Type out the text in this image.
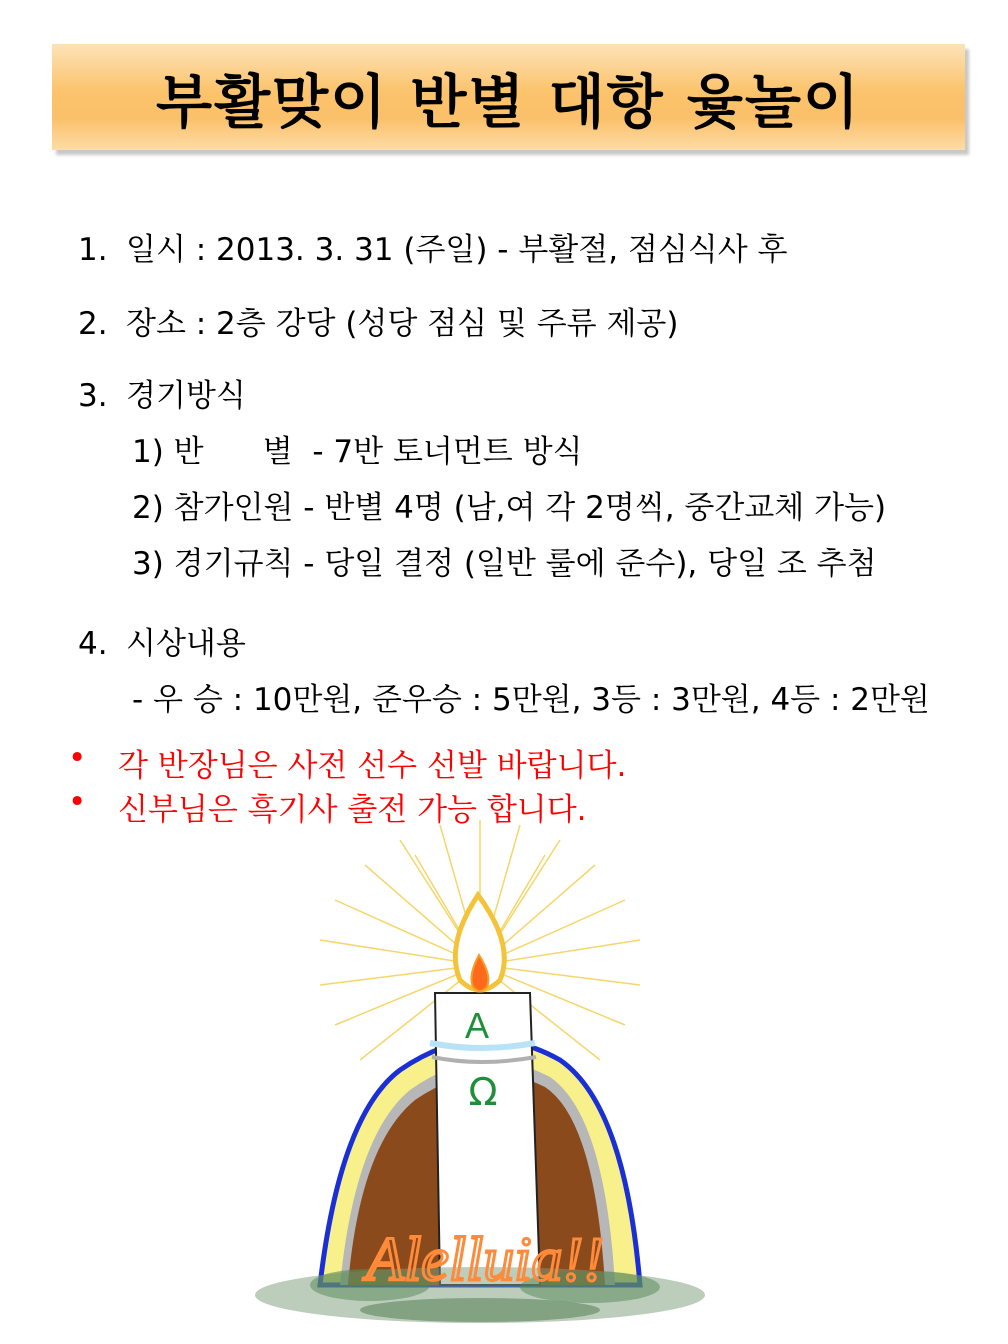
부활맞이 반별 대항 윷놀이
1. 일시 : 2013. 3. 31 (주일) - 부활절, 점심식사 후
2. 장소 : 2층 강당 (성당 점심 및 주류 제공)
3. 경기방식
1) 반      별  - 7반 토너먼트 방식
2) 참가인원 - 반별 4명 (남,여 각 2명씩, 중간교체 가능)
3) 경기규칙 - 당일 결정 (일반 룰에 준수), 당일 조 추첨
4. 시상내용
- 우 승 : 10만원, 준우승 : 5만원, 3등 : 3만원, 4등 : 2만원
• 각 반장님은 사전 선수 선발 바랍니다.
• 신부님은 흑기사 출전 가능 합니다.
A
Ω
Alelluia!!
